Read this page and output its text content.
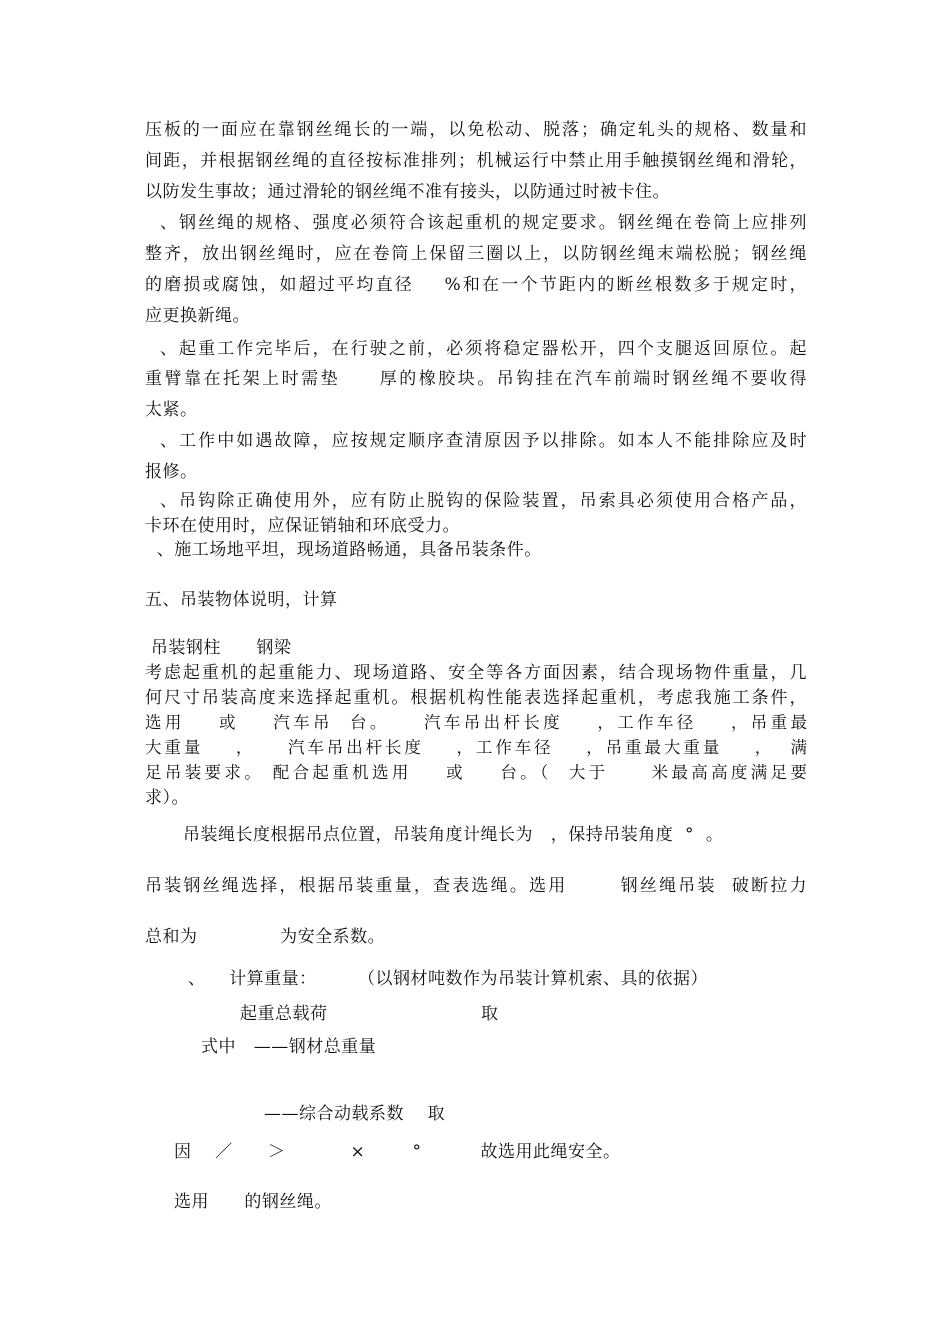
压板的一面应在靠钢丝绳长的一端，以免松动、脱落；确定轧头的规格、数量和
间距，并根据钢丝绳的直径按标准排列；机械运行中禁止用手触摸钢丝绳和滑轮，
以防发生事故；通过滑轮的钢丝绳不准有接头，以防通过时被卡住。
、钢丝绳的规格、强度必须符合该起重机的规定要求。钢丝绳在卷筒上应排列
整齐，放出钢丝绳时，应在卷筒上保留三圈以上，以防钢丝绳末端松脱；钢丝绳
的磨损或腐蚀，如超过平均直径    %和在一个节距内的断丝根数多于规定时，
应更换新绳。
、起重工作完毕后，在行驶之前，必须将稳定器松开，四个支腿返回原位。起
重臂靠在托架上时需垫     厚的橡胶块。吊钩挂在汽车前端时钢丝绳不要收得
太紧。
、工作中如遇故障，应按规定顺序查清原因予以排除。如本人不能排除应及时
报修。
、吊钩除正确使用外，应有防止脱钩的保险装置，吊索具必须使用合格产品，
卡环在使用时，应保证销轴和环底受力。
、施工场地平坦，现场道路畅通，具备吊装条件。
五、吊装物体说明，计算
吊装钢柱      钢梁
考虑起重机的起重能力、现场道路、安全等各方面因素，结合现场物件重量，几
何尺寸吊装高度来选择起重机。根据机构性能表选择起重机，考虑我施工条件，
选用    或    汽车吊  台。    汽车吊出杆长度    ，工作车径    ，吊重最
大重量    ，    汽车吊出杆长度    ，工作车径    ，吊重最大重量    ，  满
足吊装要求。 配合起重机选用    或    台。（  大于     米最高高度满足要
求）。
吊装绳长度根据吊点位置，吊装角度计绳长为   ，保持吊装角度  °  。
吊装钢丝绳选择，根据吊装重量，查表选绳。选用       钢丝绳吊装  破断拉力
总和为              为安全系数。
、    计算重量：       （以钢材吨数作为吊装计算机索、具的依据）
起重总载荷                          取
式中   ——钢材总重量
——综合动载系数    取
因    ／      ＞           ×        °          故选用此绳安全。
选用      的钢丝绳。
